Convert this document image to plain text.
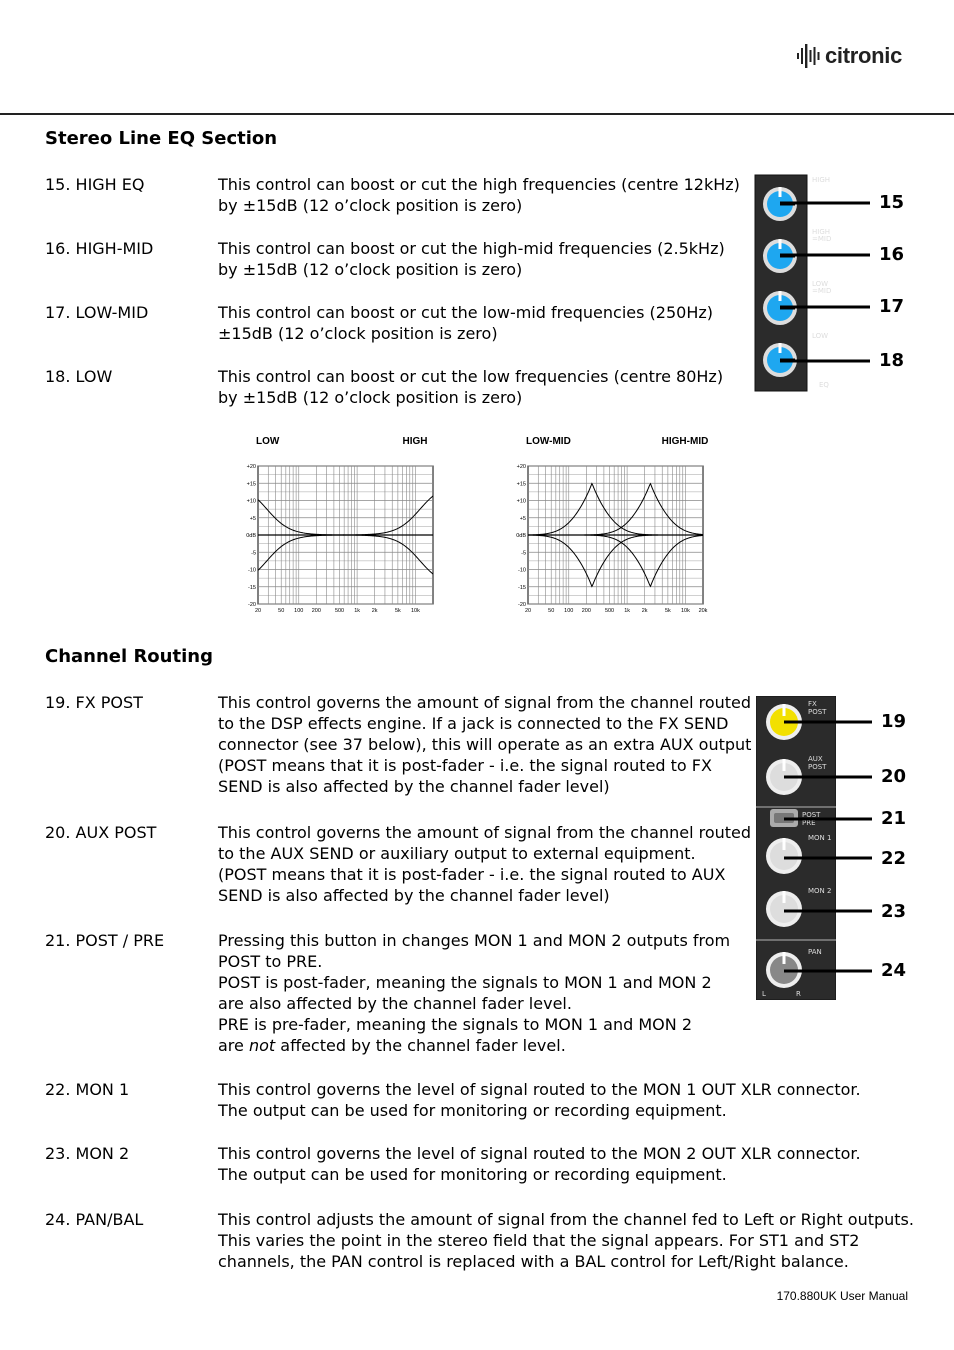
citronic
Stereo Line EQ Section
15. HIGH EQ	This control can boost or cut the high frequencies (centre 12kHz)
by ±15dB (12 o’clock position is zero)
16. HIGH-MID	This control can boost or cut the high-mid frequencies (2.5kHz)
by ±15dB (12 o’clock position is zero)
17. LOW-MID	This control can boost or cut the low-mid frequencies (250Hz)
±15dB (12 o’clock position is zero)
18. LOW	This control can boost or cut the low frequencies (centre 80Hz)
by ±15dB (12 o’clock position is zero)
HIGH
HIGH
=MID
LOW
=MID
LOW
EQ
15
16
17
18
LOW	HIGH
+20
+15
+10
+5
0dB
-5
-10
-15
-20
20	50 100 200	500 1k 2k	5k 10k
LOW-MID	HIGH-MID
+20
+15
+10
+5
0dB
-5
-10
-15
-20
20	50 100 200	500 1k 2k	5k 10k 20k
Channel Routing
19. FX POST	This control governs the amount of signal from the channel routed
to the DSP effects engine. If a jack is connected to the FX SEND
connector (see 37 below), this will operate as an extra AUX output
(POST means that it is post-fader - i.e. the signal routed to FX
SEND is also affected by the channel fader level)
20. AUX POST	This control governs the amount of signal from the channel routed
to the AUX SEND or auxiliary output to external equipment.
(POST means that it is post-fader - i.e. the signal routed to AUX
SEND is also affected by the channel fader level)
21. POST / PRE	Pressing this button in changes MON 1 and MON 2 outputs from
POST to PRE.
POST is post-fader, meaning the signals to MON 1 and MON 2
are also affected by the channel fader level.
PRE is pre-fader, meaning the signals to MON 1 and MON 2
are not affected by the channel fader level.
22. MON 1	This control governs the level of signal routed to the MON 1 OUT XLR connector.
The output can be used for monitoring or recording equipment.
23. MON 2	This control governs the level of signal routed to the MON 2 OUT XLR connector.
The output can be used for monitoring or recording equipment.
24. PAN/BAL	This control adjusts the amount of signal from the channel fed to Left or Right outputs.
This varies the point in the stereo field that the signal appears. For ST1 and ST2
channels, the PAN control is replaced with a BAL control for Left/Right balance.
FX
POST
AUX
POST
MON 1
MON 2
PAN
POST
PRE
L	R
19
20
21
22
23
24
170.880UK User Manual
